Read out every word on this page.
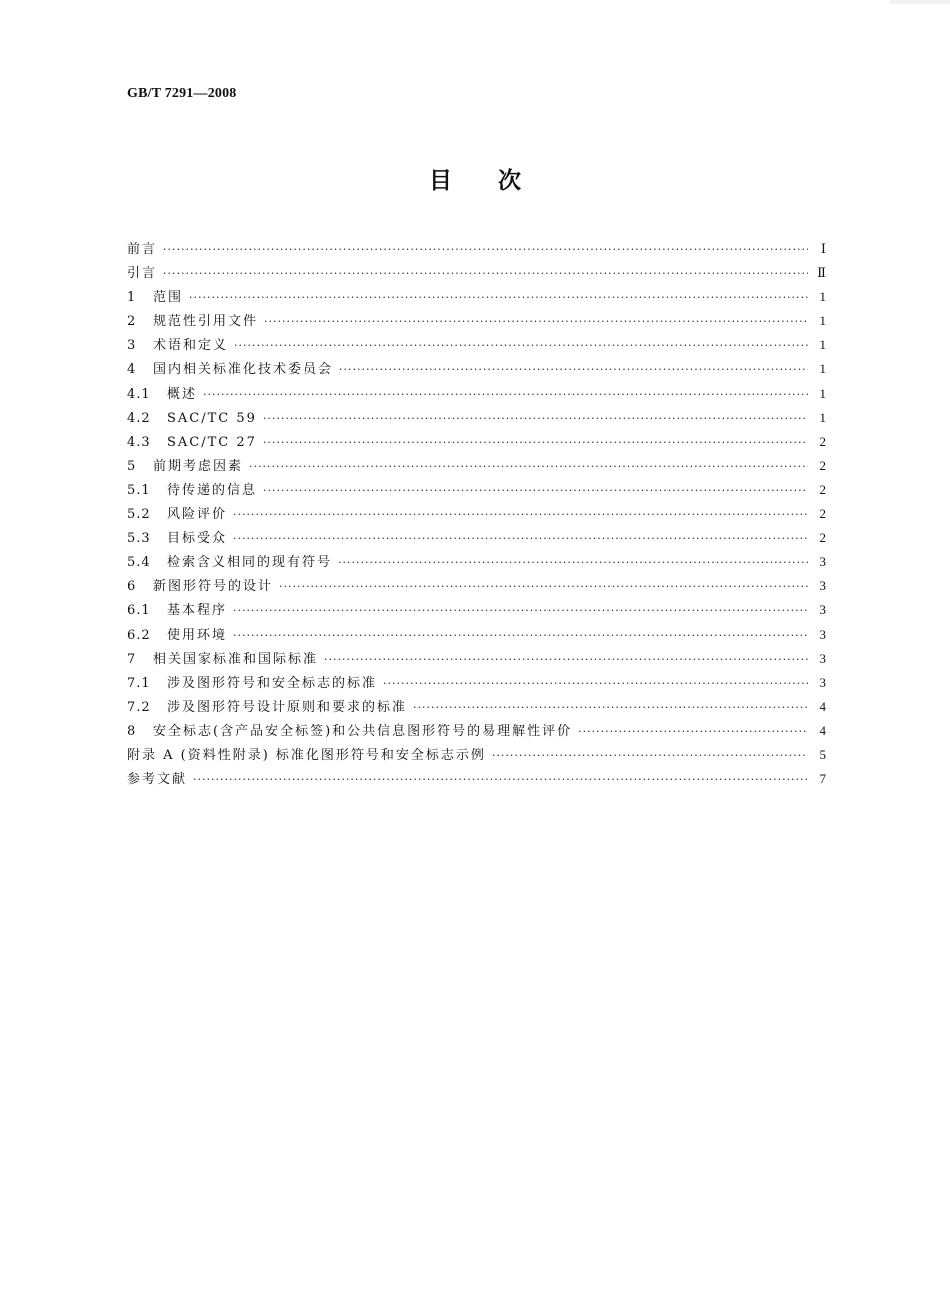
GB/T 7291—2008
目次
前言 ·····	Ⅰ
引言 ·····	Ⅱ
1	范围 ·····	1
2	规范性引用文件 ·····	1
3	术语和定义 ·····	1
4	国内相关标准化技术委员会 ·····	1
4.1	概述 ·····	1
4.2	SAC/TC 59 ·····	1
4.3	SAC/TC 27 ·····	2
5	前期考虑因素 ·····	2
5.1	待传递的信息 ·····	2
5.2	风险评价 ·····	2
5.3	目标受众 ·····	2
5.4	检索含义相同的现有符号 ·····	3
6	新图形符号的设计 ·····	3
6.1	基本程序 ·····	3
6.2	使用环境 ·····	3
7	相关国家标准和国际标准 ·····	3
7.1	涉及图形符号和安全标志的标准 ·····	3
7.2	涉及图形符号设计原则和要求的标准 ·····	4
8	安全标志(含产品安全标签)和公共信息图形符号的易理解性评价 ·····	4
附录 A (资料性附录) 标准化图形符号和安全标志示例 ·····	5
参考文献 ·····	7
